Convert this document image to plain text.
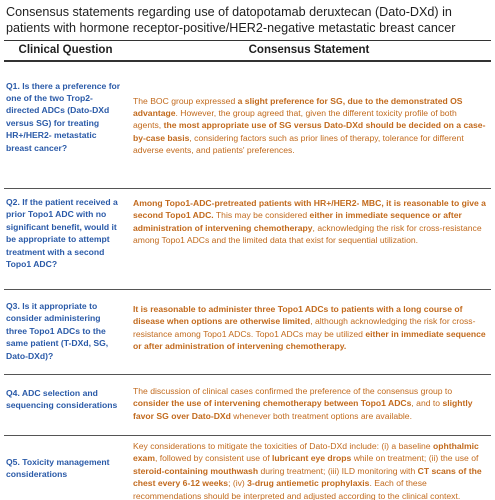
Consensus statements regarding use of datopotamab deruxtecan (Dato-DXd) in patients with hormone receptor-positive/HER2-negative metastatic breast cancer
Clinical Question	Consensus Statement
Q1. Is there a preference for one of the two Trop2-directed ADCs (Dato-DXd versus SG) for treating HR+/HER2- metastatic breast cancer?	The BOC group expressed a slight preference for SG, due to the demonstrated OS advantage. However, the group agreed that, given the different toxicity profile of both agents, the most appropriate use of SG versus Dato-DXd should be decided on a case-by-case basis, considering factors such as prior lines of therapy, tolerance for different adverse events, and patients' preferences.
Q2. If the patient received a prior Topo1 ADC with no significant benefit, would it be appropriate to attempt treatment with a second Topo1 ADC?	Among Topo1-ADC-pretreated patients with HR+/HER2- MBC, it is reasonable to give a second Topo1 ADC. This may be considered either in immediate sequence or after administration of intervening chemotherapy, acknowledging the risk for cross-resistance among Topo1 ADCs and the limited data that exist for sequential utilization.
Q3. Is it appropriate to consider administering three Topo1 ADCs to the same patient (T-DXd, SG, Dato-DXd)?	It is reasonable to administer three Topo1 ADCs to patients with a long course of disease when options are otherwise limited, although acknowledging the risk for cross-resistance among Topo1 ADCs. Topo1 ADCs may be utilized either in immediate sequence or after administration of intervening chemotherapy.
Q4. ADC selection and sequencing considerations	The discussion of clinical cases confirmed the preference of the consensus group to consider the use of intervening chemotherapy between Topo1 ADCs, and to slightly favor SG over Dato-DXd whenever both treatment options are available.
Q5. Toxicity management considerations	Key considerations to mitigate the toxicities of Dato-DXd include: (i) a baseline ophthalmic exam, followed by consistent use of lubricant eye drops while on treatment; (ii) the use of steroid-containing mouthwash during treatment; (iii) ILD monitoring with CT scans of the chest every 6-12 weeks; (iv) 3-drug antiemetic prophylaxis. Each of these recommendations should be interpreted and adjusted according to the clinical context.
